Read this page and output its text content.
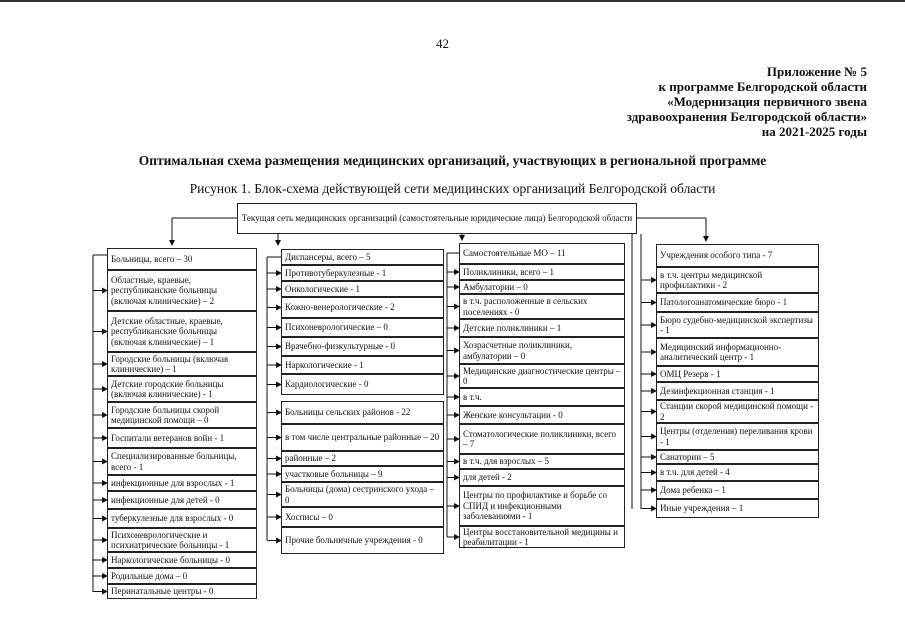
42
Приложение № 5
к программе Белгородской области
«Модернизация первичного звена
здравоохранения Белгородской области»
на 2021-2025 годы
Оптимальная схема размещения медицинских организаций, участвующих в региональной программе
Рисунок 1. Блок-схема действующей сети медицинских организаций Белгородской области
Текущая сеть медицинских организаций (самостоятельные юридические лица) Белгородской области
Больницы, всего – 30
Областные, краевые, республиканские больницы (включая клинические) – 2
Детские областные, краевые, республиканские больницы (включая клинические) – 1
Городские больницы (включая клинические) – 1
Детские городские больницы (включая клинические) - 1
Городские больницы скорой медицинской помощи – 0
Госпитали ветеранов войн - 1
Специализированные больницы, всего - 1
инфекционные для взрослых - 1
инфекционные для детей - 0
туберкулезные для взрослых - 0
Психоневрологические и психиатрические больницы - 1
Наркологические больницы - 0
Родильные дома – 0
Перинатальные центры - 0
Диспансеры, всего – 5
Противотуберкулезные - 1
Онкологические - 1
Кожно-венерологические - 2
Психоневрологические – 0
Врачебно-физкультурные - 0
Наркологические - 1
Кардиологические - 0
Больницы сельских районов - 22
в том числе центральные районные – 20
районные – 2
участковые больницы – 9
Больницы (дома) сестринского ухода – 0
Хосписы – 0
Прочие больничные учреждения - 0
Самостоятельные МО – 11
Поликлиники, всего – 1
Амбулатории – 0
в т.ч. расположенные в сельских поселениях - 0
Детские поликлиники – 1
Хозрасчетные поликлиники, амбулатории – 0
Медицинские диагностические центры – 0
в т.ч.
Женские консультации - 0
Стоматологические поликлиники, всего – 7
в т.ч. для взрослых – 5
для детей - 2
Центры по профилактике и борьбе со СПИД и инфекционными заболеваниями - 1
Центры восстановительной медицины и реабилитации - 1
Учреждения особого типа - 7
в т.ч. центры медицинской профилактики - 2
Патологоанатомические бюро - 1
Бюро судебно-медицинской экспертизы - 1
Медицинский информационно-аналитический центр - 1
ОМЦ Резерв - 1
Дезинфекционная станция - 1
Станции скорой медицинской помощи - 2
Центры (отделения) переливания крови - 1
Санатории – 5
в т.ч. для детей - 4
Дома ребенка – 1
Иные учреждения – 1
